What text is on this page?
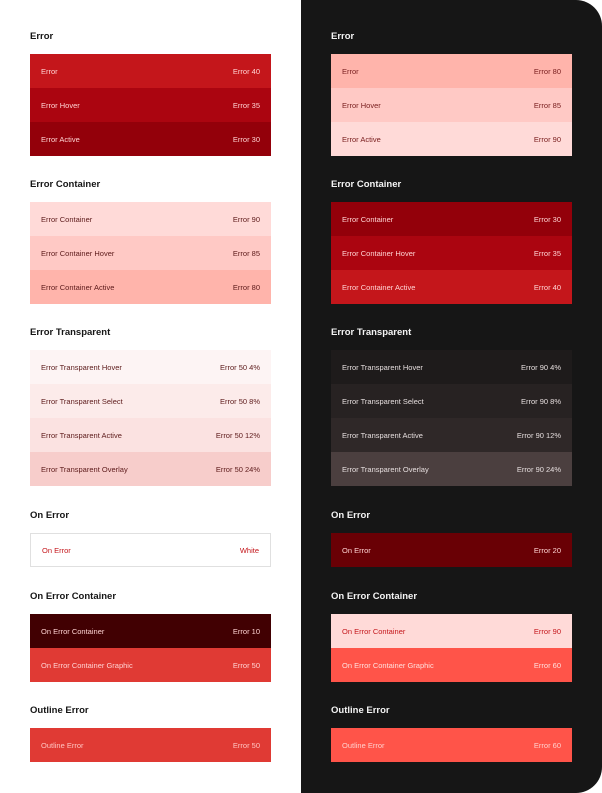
Error
Error	Error 40
Error Hover	Error 35
Error Active	Error 30
Error Container
Error Container	Error 90
Error Container Hover	Error 85
Error Container Active	Error 80
Error Transparent
Error Transparent Hover	Error 50 4%
Error Transparent Select	Error 50 8%
Error Transparent Active	Error 50 12%
Error Transparent Overlay	Error 50 24%
On Error
On Error	White
On Error Container
On Error Container	Error 10
On Error Container Graphic	Error 50
Outline Error
Outline Error	Error 50
Error
Error	Error 80
Error Hover	Error 85
Error Active	Error 90
Error Container
Error Container	Error 30
Error Container Hover	Error 35
Error Container Active	Error 40
Error Transparent
Error Transparent Hover	Error 90 4%
Error Transparent Select	Error 90 8%
Error Transparent Active	Error 90 12%
Error Transparent Overlay	Error 90 24%
On Error
On Error	Error 20
On Error Container
On Error Container	Error 90
On Error Container Graphic	Error 60
Outline Error
Outline Error	Error 60
